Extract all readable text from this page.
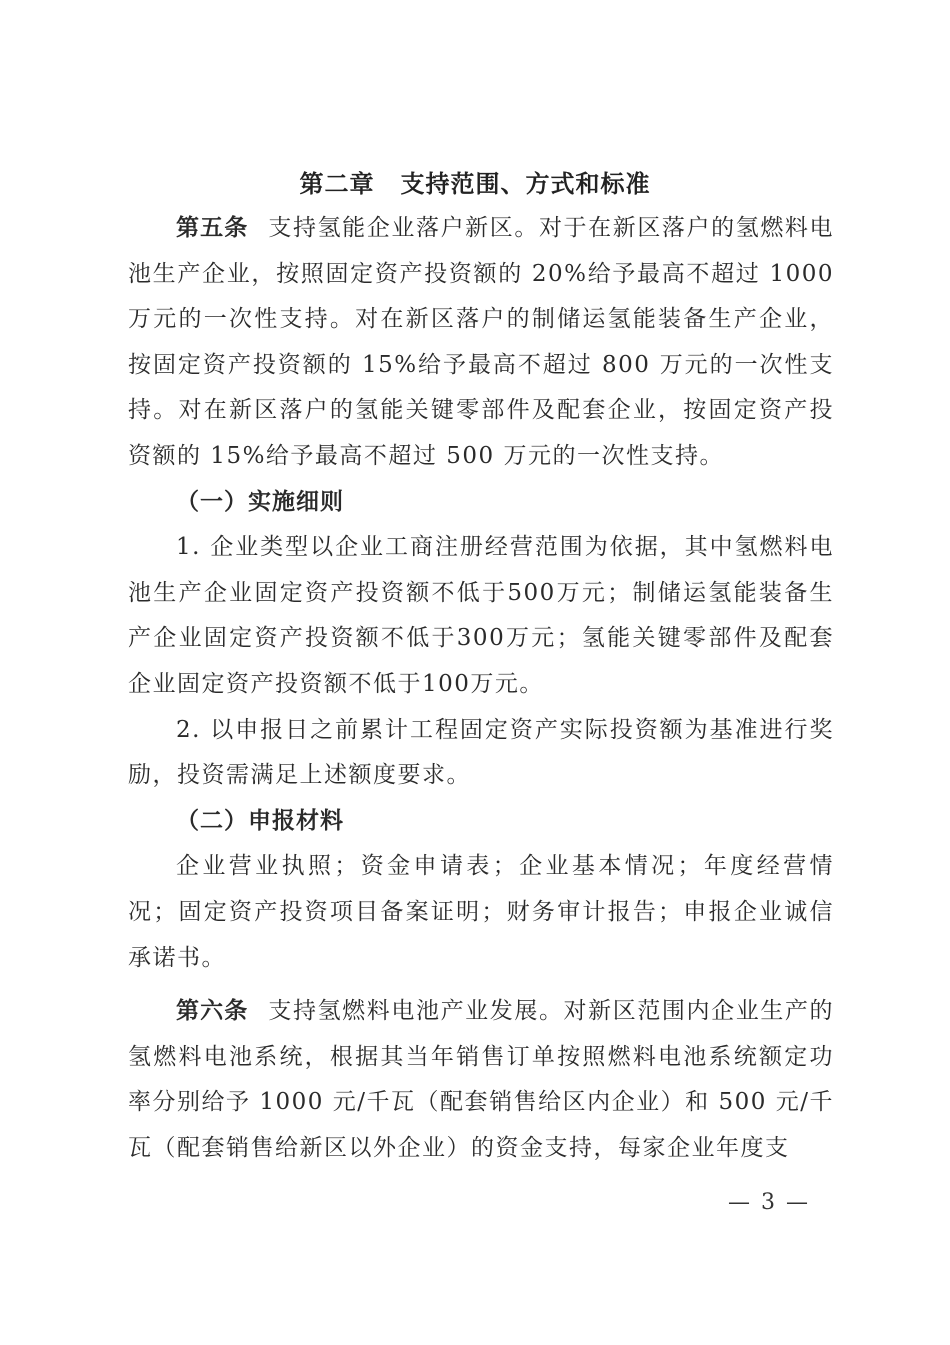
第二章 支持范围、方式和标准

第五条 支持氢能企业落户新区。对于在新区落户的氢燃料电池生产企业，按照固定资产投资额的 20%给予最高不超过 1000 万元的一次性支持。对在新区落户的制储运氢能装备生产企业，按固定资产投资额的 15%给予最高不超过 800 万元的一次性支持。对在新区落户的氢能关键零部件及配套企业，按固定资产投资额的 15%给予最高不超过 500 万元的一次性支持。

（一）实施细则

1. 企业类型以企业工商注册经营范围为依据，其中氢燃料电池生产企业固定资产投资额不低于500万元；制储运氢能装备生产企业固定资产投资额不低于300万元；氢能关键零部件及配套企业固定资产投资额不低于100万元。

2. 以申报日之前累计工程固定资产实际投资额为基准进行奖励，投资需满足上述额度要求。

（二）申报材料

企业营业执照；资金申请表；企业基本情况；年度经营情况；固定资产投资项目备案证明；财务审计报告；申报企业诚信承诺书。

第六条 支持氢燃料电池产业发展。对新区范围内企业生产的氢燃料电池系统，根据其当年销售订单按照燃料电池系统额定功率分别给予 1000 元/千瓦（配套销售给区内企业）和 500 元/千瓦（配套销售给新区以外企业）的资金支持，每家企业年度支

— 3 —
